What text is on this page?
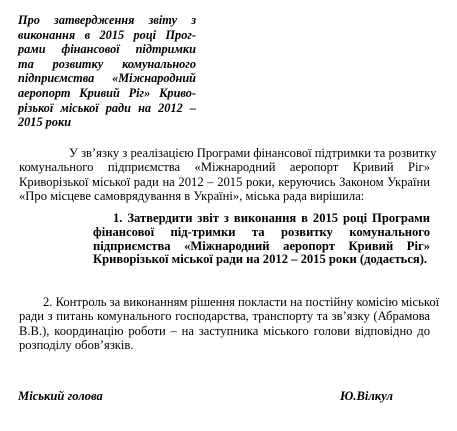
Про затвердження звіту з
виконання в 2015 році Прог-
рами фінансової підтримки
та розвитку комунального
підприємства «Міжнародний
аеропорт Кривий Ріг» Криво-
різької міської ради на 2012 –
2015 роки
У зв’язку з реалізацією Програми фінансової підтримки та розвитку
комунального підприємства «Міжнародний аеропорт Кривий Ріг»
Криворізької міської ради на 2012 – 2015 роки, керуючись Законом України
«Про місцеве самоврядування в Україні», міська рада вирішила:
1. Затвердити звіт з виконання в 2015 році Програми
фінансової під-тримки та розвитку комунального
підприємства «Міжнародний аеропорт Кривий Ріг»
Криворізької міської ради на 2012 – 2015 роки (додається).
2. Контроль за виконанням рішення покласти на постійну комісію міської
ради з питань комунального господарства, транспорту та зв’язку (Абрамова
В.В.), координацію роботи – на заступника міського голови відповідно до
розподілу обов’язків.
Міський голова	Ю.Вілкул
